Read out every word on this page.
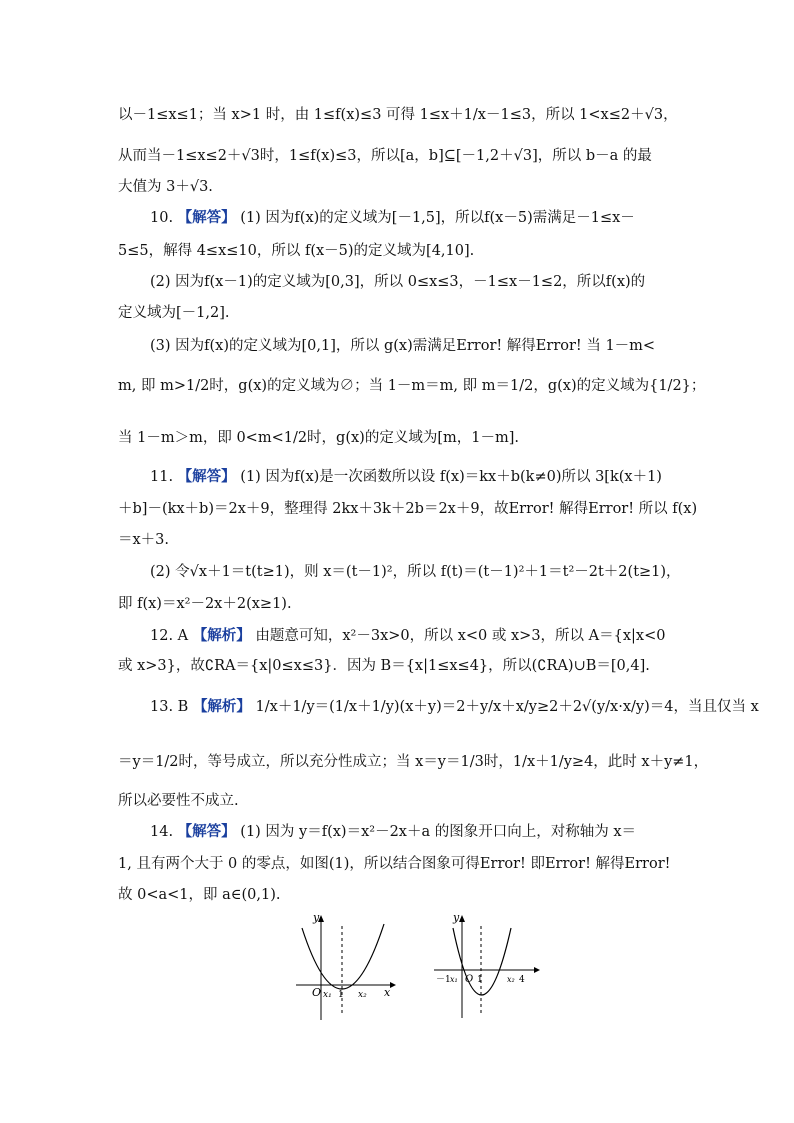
以－1≤x≤1；当 x>1 时，由 1≤f(x)≤3 可得 1≤x＋1/x－1≤3，所以 1<x≤2＋√3，
从而当－1≤x≤2＋√3时，1≤f(x)≤3，所以[a，b]⊆[－1,2＋√3]，所以 b－a 的最
大值为 3＋√3.
10. 【解答】 (1) 因为f(x)的定义域为[－1,5]，所以f(x－5)需满足－1≤x－
5≤5，解得 4≤x≤10，所以 f(x－5)的定义域为[4,10].
(2) 因为f(x－1)的定义域为[0,3]，所以 0≤x≤3，－1≤x－1≤2，所以f(x)的
定义域为[－1,2].
(3) 因为f(x)的定义域为[0,1]，所以 g(x)需满足Error! 解得Error! 当 1－m<
m, 即 m>1/2时，g(x)的定义域为∅；当 1－m＝m, 即 m＝1/2，g(x)的定义域为{1/2}；
当 1－m＞m，即 0<m<1/2时，g(x)的定义域为[m，1－m].
11. 【解答】 (1) 因为f(x)是一次函数所以设 f(x)＝kx＋b(k≠0)所以 3[k(x＋1)
＋b]－(kx＋b)＝2x＋9，整理得 2kx＋3k＋2b＝2x＋9，故Error! 解得Error! 所以 f(x)
＝x＋3.
(2) 令√x＋1＝t(t≥1)，则 x＝(t－1)²，所以 f(t)＝(t－1)²＋1＝t²－2t＋2(t≥1)，
即 f(x)＝x²－2x＋2(x≥1).
12. A 【解析】 由题意可知，x²－3x>0，所以 x<0 或 x>3，所以 A＝{x|x<0
或 x>3}，故∁RA＝{x|0≤x≤3}．因为 B＝{x|1≤x≤4}，所以(∁RA)∪B＝[0,4].
13. B 【解析】 1/x＋1/y＝(1/x＋1/y)(x＋y)＝2＋y/x＋x/y≥2＋2√(y/x·x/y)＝4，当且仅当 x
＝y＝1/2时，等号成立，所以充分性成立；当 x＝y＝1/3时，1/x＋1/y≥4，此时 x＋y≠1，
所以必要性不成立.
14. 【解答】 (1) 因为 y＝f(x)＝x²－2x＋a 的图象开口向上，对称轴为 x＝
1, 且有两个大于 0 的零点，如图(1)，所以结合图象可得Error! 即Error! 解得Error!
故 0<a<1，即 a∈(0,1).
y
x
O x₁ 1 x₂
y
－1 x₁ O 1	x₂ 4
